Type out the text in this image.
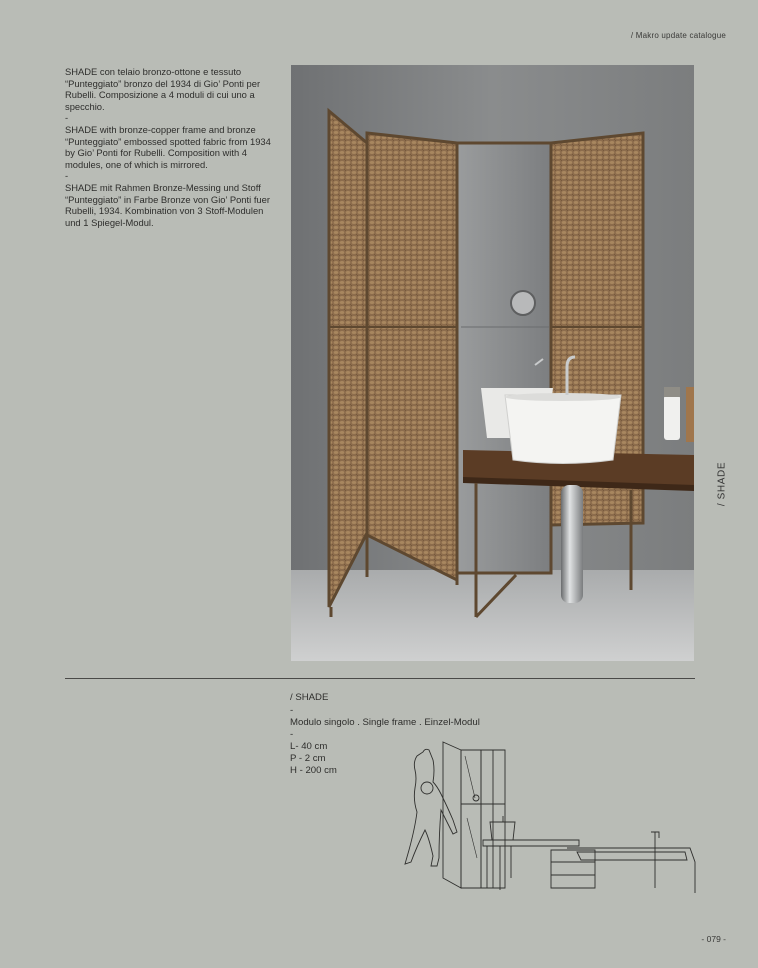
/ Makro update catalogue

SHADE con telaio bronzo-ottone e tessuto “Punteggiato” bronzo del 1934 di Gio’ Ponti per Rubelli. Composizione a 4 moduli di cui uno a specchio.

-

SHADE with bronze-copper frame and bronze “Punteggiato” embossed spotted fabric from 1934 by Gio’ Ponti for Rubelli. Composition with 4 modules, one of which is mirrored.

-

SHADE mit Rahmen Bronze-Messing und Stoff “Punteggiato” in Farbe Bronze von Gio’ Ponti fuer Rubelli, 1934. Kombination von 3 Stoff-Modulen und 1 Spiegel-Modul.

/ SHADE

/ SHADE

-

Modulo singolo . Single frame . Einzel-Modul

-

L- 40 cm

P - 2 cm

H - 200 cm

- 079 -
